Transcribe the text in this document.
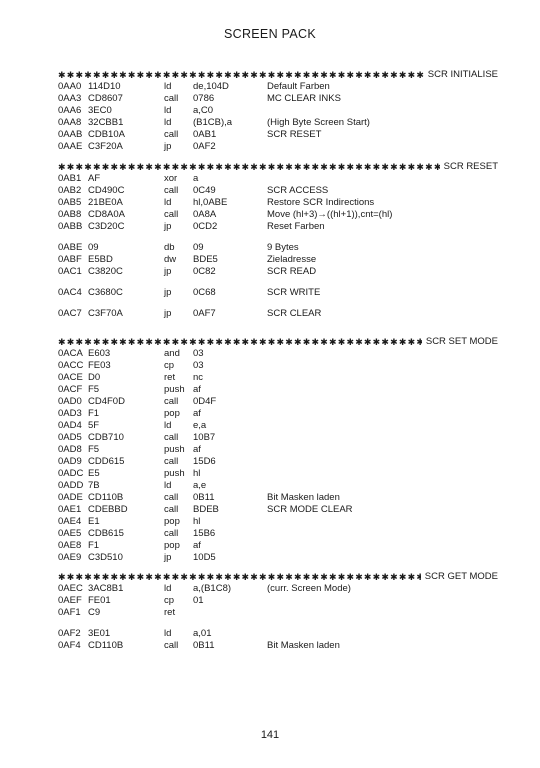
SCREEN PACK
✱✱✱✱✱✱✱✱✱✱✱✱✱✱✱✱✱✱✱✱✱✱✱✱✱✱✱✱✱✱✱✱✱✱✱✱✱✱✱✱✱✱✱✱✱✱✱✱✱✱✱✱✱✱✱✱✱✱
SCR INITIALISE
0AA0 114D10	ld	de,104D	Default Farben
0AA3 CD8607	call	0786	MC CLEAR INKS
0AA6 3EC0	ld	a,C0
0AA8 32CBB1	ld	(B1CB),a	(High Byte Screen Start)
0AAB CDB10A	call	0AB1	SCR RESET
0AAE C3F20A	jp	0AF2
✱✱✱✱✱✱✱✱✱✱✱✱✱✱✱✱✱✱✱✱✱✱✱✱✱✱✱✱✱✱✱✱✱✱✱✱✱✱✱✱✱✱✱✱✱✱✱✱✱✱✱✱✱✱✱✱✱✱
SCR RESET
0AB1 AF	xor	a
0AB2 CD490C	call	0C49	SCR ACCESS
0AB5 21BE0A	ld	hl,0ABE	Restore SCR Indirections
0AB8 CD8A0A	call	0A8A	Move (hl+3)→((hl+1)),cnt=(hl)
0ABB C3D20C	jp	0CD2	Reset Farben
0ABE 09	db	09	9 Bytes
0ABF E5BD	dw	BDE5	Zieladresse
0AC1 C3820C	jp	0C82	SCR READ
0AC4 C3680C	jp	0C68	SCR WRITE
0AC7 C3F70A	jp	0AF7	SCR CLEAR
✱✱✱✱✱✱✱✱✱✱✱✱✱✱✱✱✱✱✱✱✱✱✱✱✱✱✱✱✱✱✱✱✱✱✱✱✱✱✱✱✱✱✱✱✱✱✱✱✱✱✱✱✱✱✱✱✱✱
SCR SET MODE
0ACA E603	and	03
0ACC FE03	cp	03
0ACE D0	ret	nc
0ACF F5	push af
0AD0 CD4F0D	call	0D4F
0AD3 F1	pop	af
0AD4 5F	ld	e,a
0AD5 CDB710	call	10B7
0AD8 F5	push af
0AD9 CDD615	call	15D6
0ADC E5	push hl
0ADD 7B	ld	a,e
0ADE CD110B	call	0B11	Bit Masken laden
0AE1 CDEBBD	call	BDEB	SCR MODE CLEAR
0AE4 E1	pop	hl
0AE5 CDB615	call	15B6
0AE8 F1	pop	af
0AE9 C3D510	jp	10D5
✱✱✱✱✱✱✱✱✱✱✱✱✱✱✱✱✱✱✱✱✱✱✱✱✱✱✱✱✱✱✱✱✱✱✱✱✱✱✱✱✱✱✱✱✱✱✱✱✱✱✱✱✱✱✱✱✱✱
SCR GET MODE
0AEC 3AC8B1	ld	a,(B1C8)	(curr. Screen Mode)
0AEF FE01	cp	01
0AF1 C9	ret
0AF2 3E01	ld	a,01
0AF4 CD110B	call	0B11	Bit Masken laden
141
